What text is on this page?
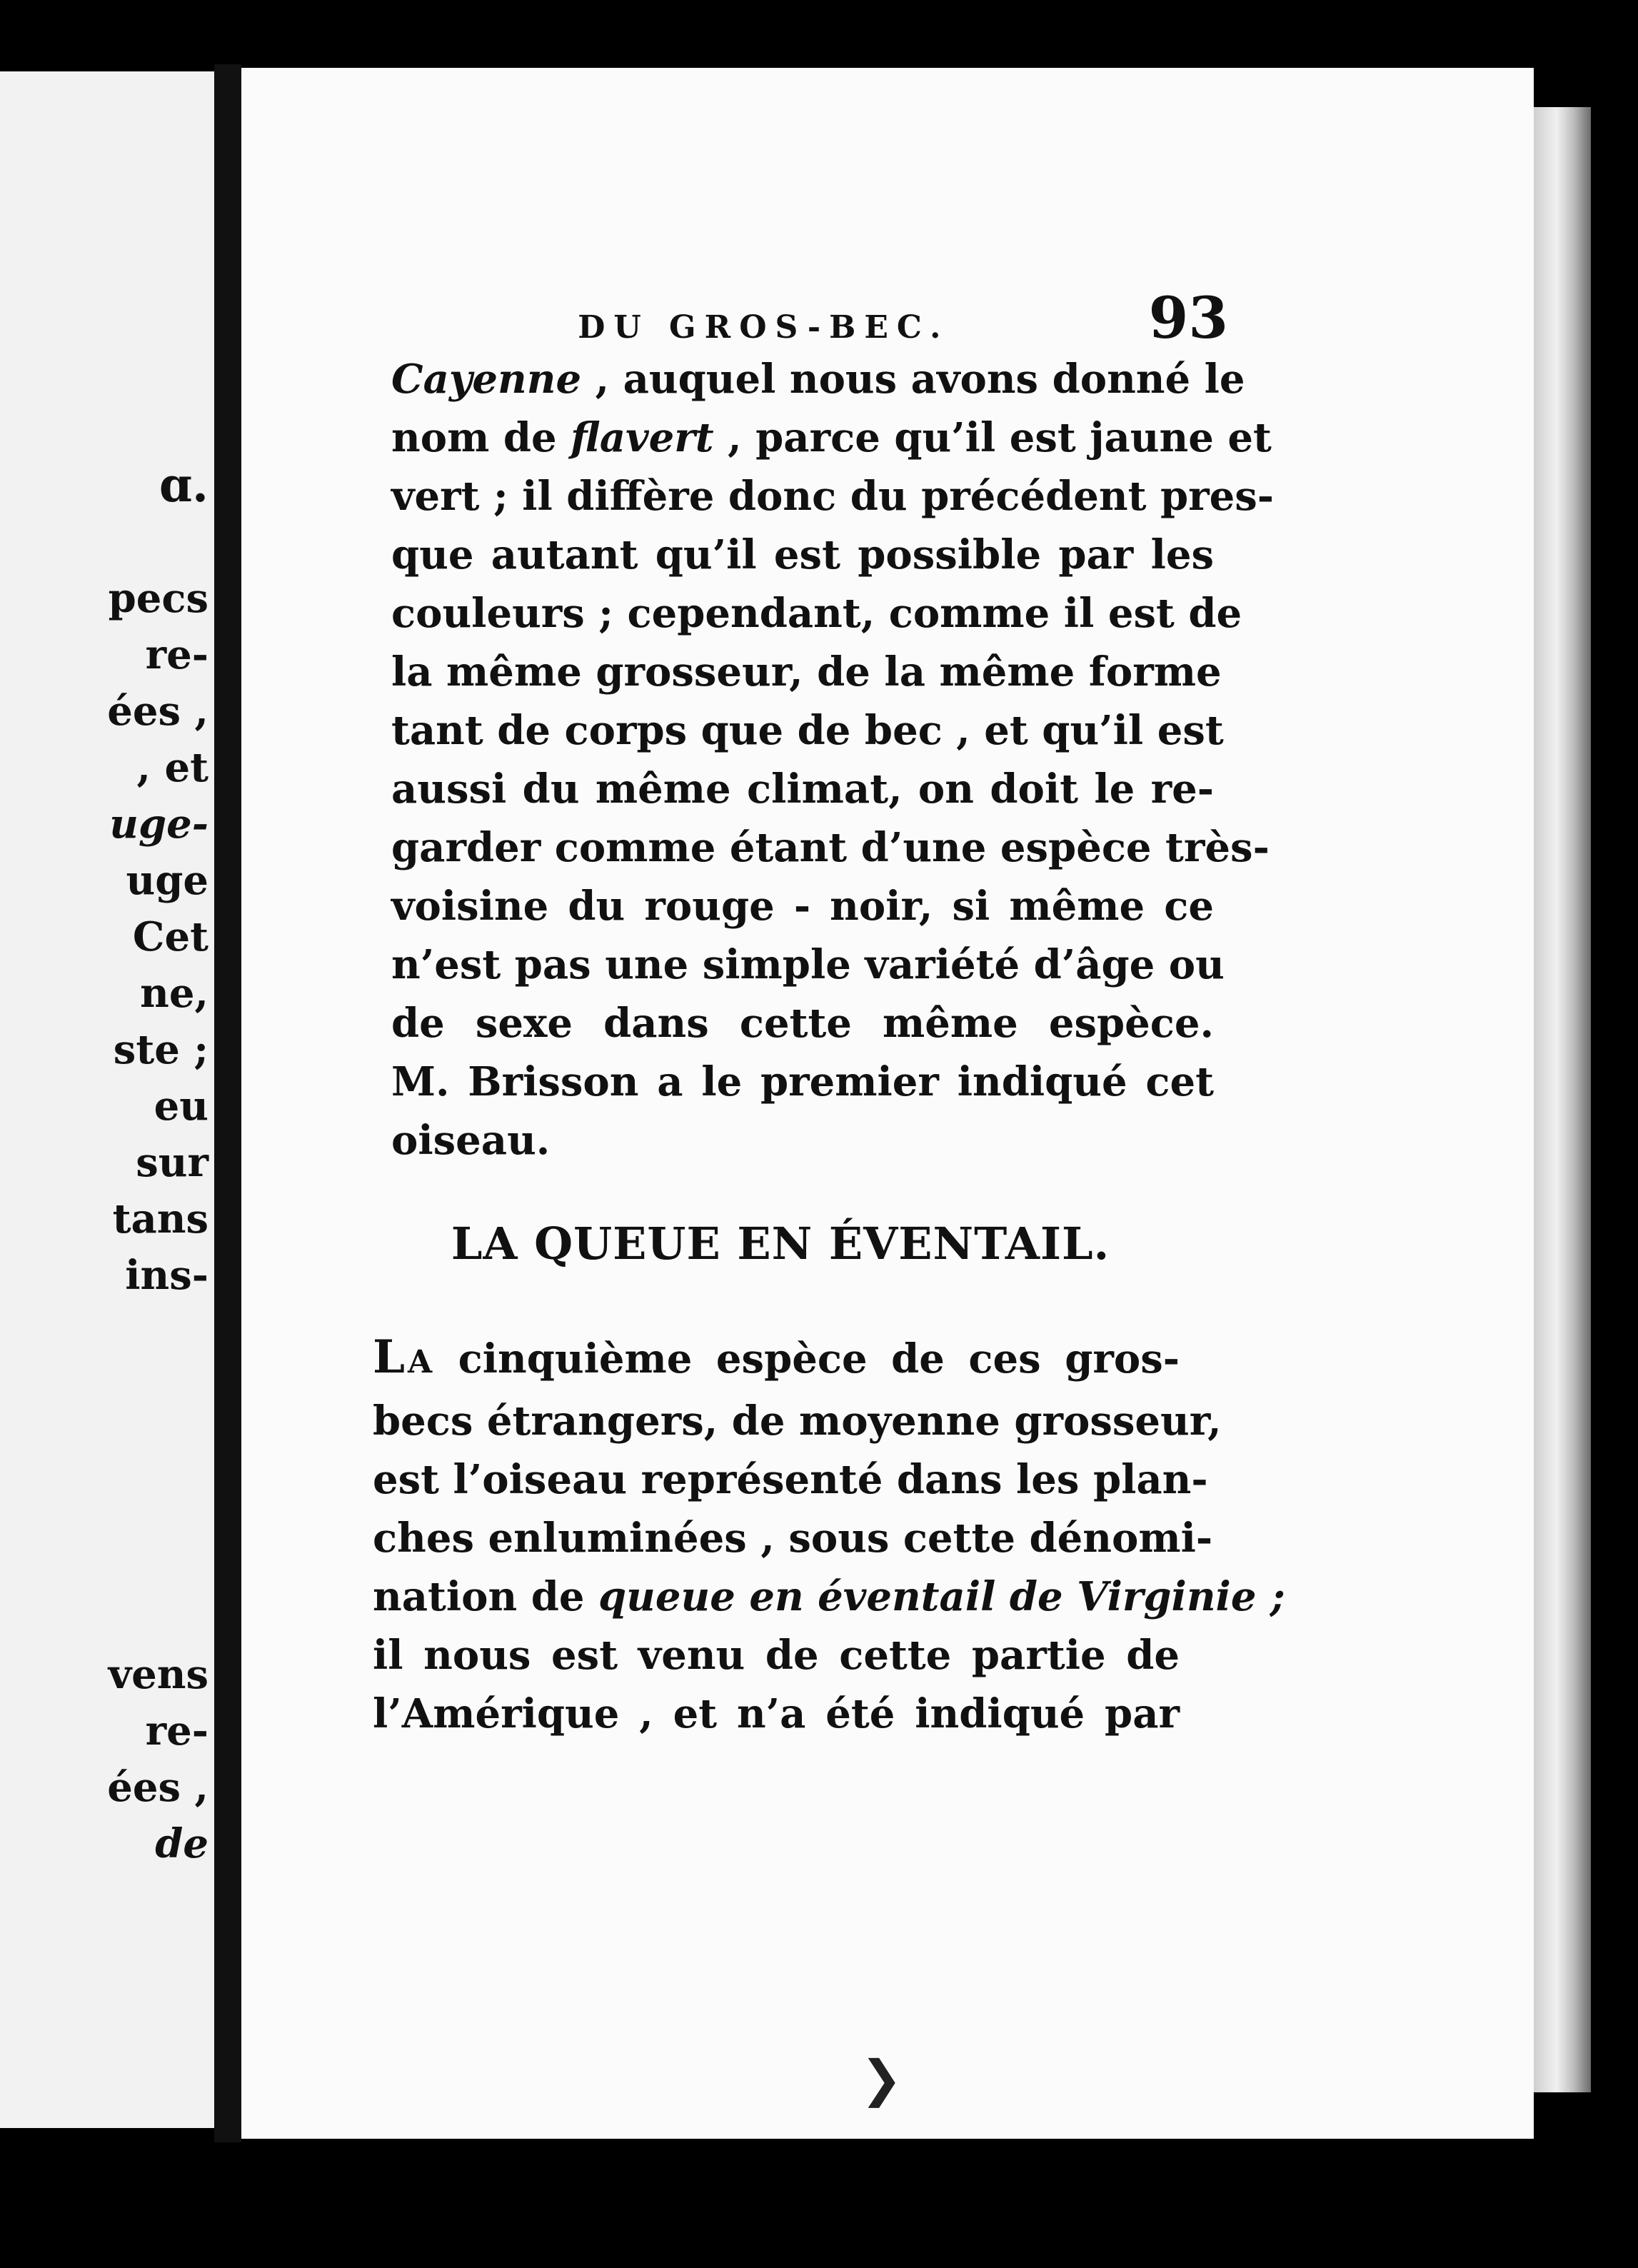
ɑ.
pecs
re-
ées ,
, et
uge-
uge
Cet
ne,
ste ;
eu
sur
tans
ins-
vens
re-
ées ,
de
DU GROS-BEC.	93
Cayenne , auquel nous avons donné le
nom de flavert , parce qu’il est jaune et
vert ; il diffère donc du précédent pres-
que autant qu’il est possible par les
couleurs ; cependant, comme il est de
la même grosseur, de la même forme
tant de corps que de bec , et qu’il est
aussi du même climat, on doit le re-
garder comme étant d’une espèce très-
voisine du rouge - noir, si même ce
n’est pas une simple variété d’âge ou
de sexe dans cette même espèce.
M. Brisson a le premier indiqué cet
oiseau.
LA QUEUE EN ÉVENTAIL.
LA cinquième espèce de ces gros-
becs étrangers, de moyenne grosseur,
est l’oiseau représenté dans les plan-
ches enluminées , sous cette dénomi-
nation de queue en éventail de Virginie ;
il nous est venu de cette partie de
l’Amérique , et n’a été indiqué par
❯
